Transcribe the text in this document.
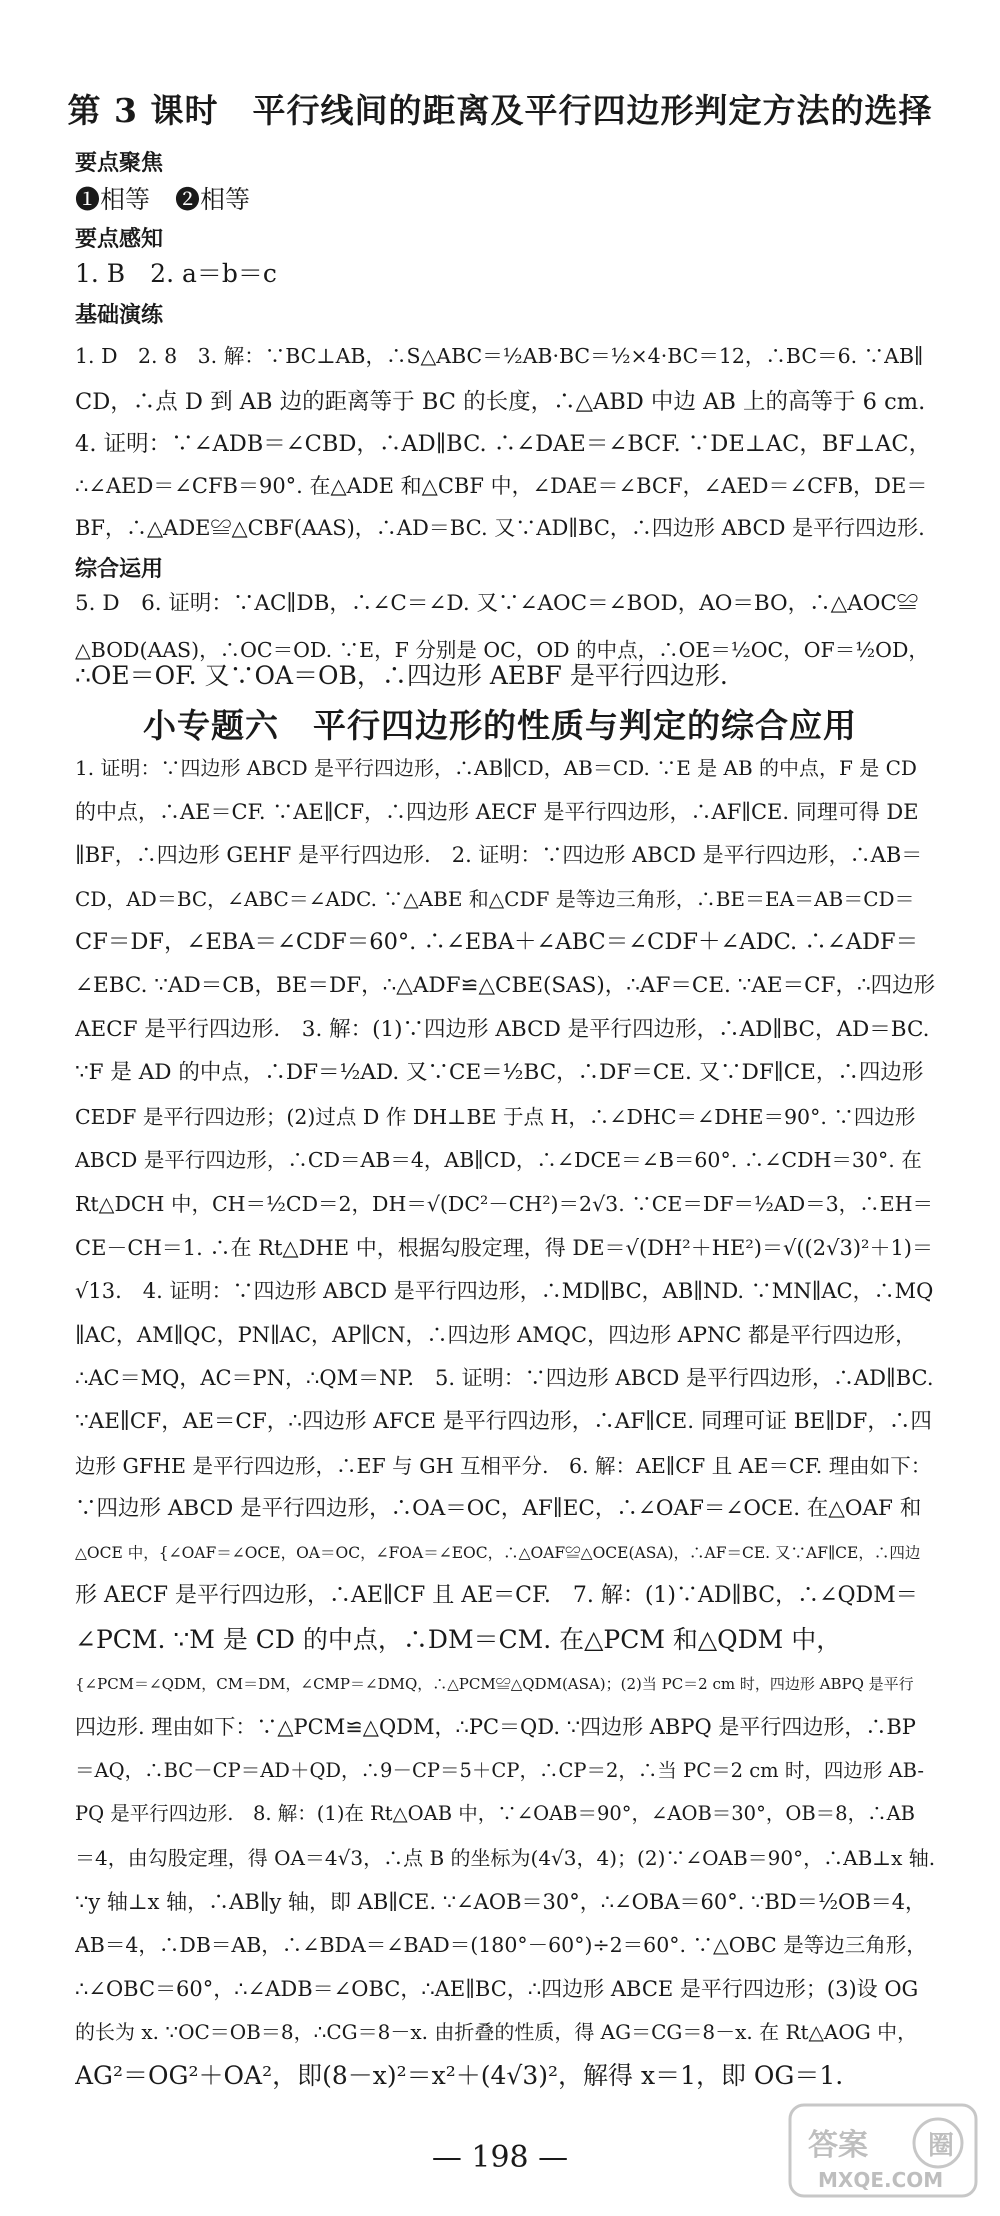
第 3 课时　平行线间的距离及平行四边形判定方法的选择
要点聚焦
❶相等　❷相等
要点感知
1. B　2. a＝b＝c
基础演练
1. D　2. 8　3. 解：∵BC⊥AB，∴S△ABC＝½AB·BC＝½×4·BC＝12，∴BC＝6. ∵AB∥
CD，∴点 D 到 AB 边的距离等于 BC 的长度，∴△ABD 中边 AB 上的高等于 6 cm.
4. 证明：∵∠ADB＝∠CBD，∴AD∥BC. ∴∠DAE＝∠BCF. ∵DE⊥AC，BF⊥AC，
∴∠AED＝∠CFB＝90°. 在△ADE 和△CBF 中，∠DAE＝∠BCF，∠AED＝∠CFB，DE＝
BF，∴△ADE≌△CBF(AAS)，∴AD＝BC. 又∵AD∥BC，∴四边形 ABCD 是平行四边形.
综合运用
5. D　6. 证明：∵AC∥DB，∴∠C＝∠D. 又∵∠AOC＝∠BOD，AO＝BO，∴△AOC≌
△BOD(AAS)，∴OC＝OD. ∵E，F 分别是 OC，OD 的中点，∴OE＝½OC，OF＝½OD，
∴OE＝OF. 又∵OA＝OB，∴四边形 AEBF 是平行四边形.
小专题六　平行四边形的性质与判定的综合应用
1. 证明：∵四边形 ABCD 是平行四边形，∴AB∥CD，AB＝CD. ∵E 是 AB 的中点，F 是 CD
的中点，∴AE＝CF. ∵AE∥CF，∴四边形 AECF 是平行四边形，∴AF∥CE. 同理可得 DE
∥BF，∴四边形 GEHF 是平行四边形.　2. 证明：∵四边形 ABCD 是平行四边形，∴AB＝
CD，AD＝BC，∠ABC＝∠ADC. ∵△ABE 和△CDF 是等边三角形，∴BE＝EA＝AB＝CD＝
CF＝DF，∠EBA＝∠CDF＝60°. ∴∠EBA＋∠ABC＝∠CDF＋∠ADC. ∴∠ADF＝
∠EBC. ∵AD＝CB，BE＝DF，∴△ADF≌△CBE(SAS)，∴AF＝CE. ∵AE＝CF，∴四边形
AECF 是平行四边形.　3. 解：(1)∵四边形 ABCD 是平行四边形，∴AD∥BC，AD＝BC.
∵F 是 AD 的中点，∴DF＝½AD. 又∵CE＝½BC，∴DF＝CE. 又∵DF∥CE，∴四边形
CEDF 是平行四边形；(2)过点 D 作 DH⊥BE 于点 H，∴∠DHC＝∠DHE＝90°. ∵四边形
ABCD 是平行四边形，∴CD＝AB＝4，AB∥CD，∴∠DCE＝∠B＝60°. ∴∠CDH＝30°. 在
Rt△DCH 中，CH＝½CD＝2，DH＝√(DC²－CH²)＝2√3. ∵CE＝DF＝½AD＝3，∴EH＝
CE－CH＝1. ∴在 Rt△DHE 中，根据勾股定理，得 DE＝√(DH²＋HE²)＝√((2√3)²＋1)＝
√13.　4. 证明：∵四边形 ABCD 是平行四边形，∴MD∥BC，AB∥ND. ∵MN∥AC，∴MQ
∥AC，AM∥QC，PN∥AC，AP∥CN，∴四边形 AMQC，四边形 APNC 都是平行四边形，
∴AC＝MQ，AC＝PN，∴QM＝NP.　5. 证明：∵四边形 ABCD 是平行四边形，∴AD∥BC.
∵AE∥CF，AE＝CF，∴四边形 AFCE 是平行四边形，∴AF∥CE. 同理可证 BE∥DF，∴四
边形 GFHE 是平行四边形，∴EF 与 GH 互相平分.　6. 解：AE∥CF 且 AE＝CF. 理由如下：
∵四边形 ABCD 是平行四边形，∴OA＝OC，AF∥EC，∴∠OAF＝∠OCE. 在△OAF 和
△OCE 中，{∠OAF＝∠OCE，OA＝OC，∠FOA＝∠EOC，∴△OAF≌△OCE(ASA)，∴AF＝CE. 又∵AF∥CE，∴四边
形 AECF 是平行四边形，∴AE∥CF 且 AE＝CF.　7. 解：(1)∵AD∥BC，∴∠QDM＝
∠PCM. ∵M 是 CD 的中点，∴DM＝CM. 在△PCM 和△QDM 中，
{∠PCM＝∠QDM，CM＝DM，∠CMP＝∠DMQ，∴△PCM≌△QDM(ASA)；(2)当 PC＝2 cm 时，四边形 ABPQ 是平行
四边形. 理由如下：∵△PCM≌△QDM，∴PC＝QD. ∵四边形 ABPQ 是平行四边形，∴BP
＝AQ，∴BC－CP＝AD＋QD，∴9－CP＝5＋CP，∴CP＝2，∴当 PC＝2 cm 时，四边形 AB-
PQ 是平行四边形.　8. 解：(1)在 Rt△OAB 中，∵∠OAB＝90°，∠AOB＝30°，OB＝8，∴AB
＝4，由勾股定理，得 OA＝4√3，∴点 B 的坐标为(4√3，4)；(2)∵∠OAB＝90°，∴AB⊥x 轴.
∵y 轴⊥x 轴，∴AB∥y 轴，即 AB∥CE. ∵∠AOB＝30°，∴∠OBA＝60°. ∵BD＝½OB＝4，
AB＝4，∴DB＝AB，∴∠BDA＝∠BAD＝(180°－60°)÷2＝60°. ∵△OBC 是等边三角形，
∴∠OBC＝60°，∴∠ADB＝∠OBC，∴AE∥BC，∴四边形 ABCE 是平行四边形；(3)设 OG
的长为 x. ∵OC＝OB＝8，∴CG＝8－x. 由折叠的性质，得 AG＝CG＝8－x. 在 Rt△AOG 中，
AG²＝OG²＋OA²，即(8－x)²＝x²＋(4√3)²，解得 x＝1，即 OG＝1.
— 198 —	答案 圈
MXQE.COM
